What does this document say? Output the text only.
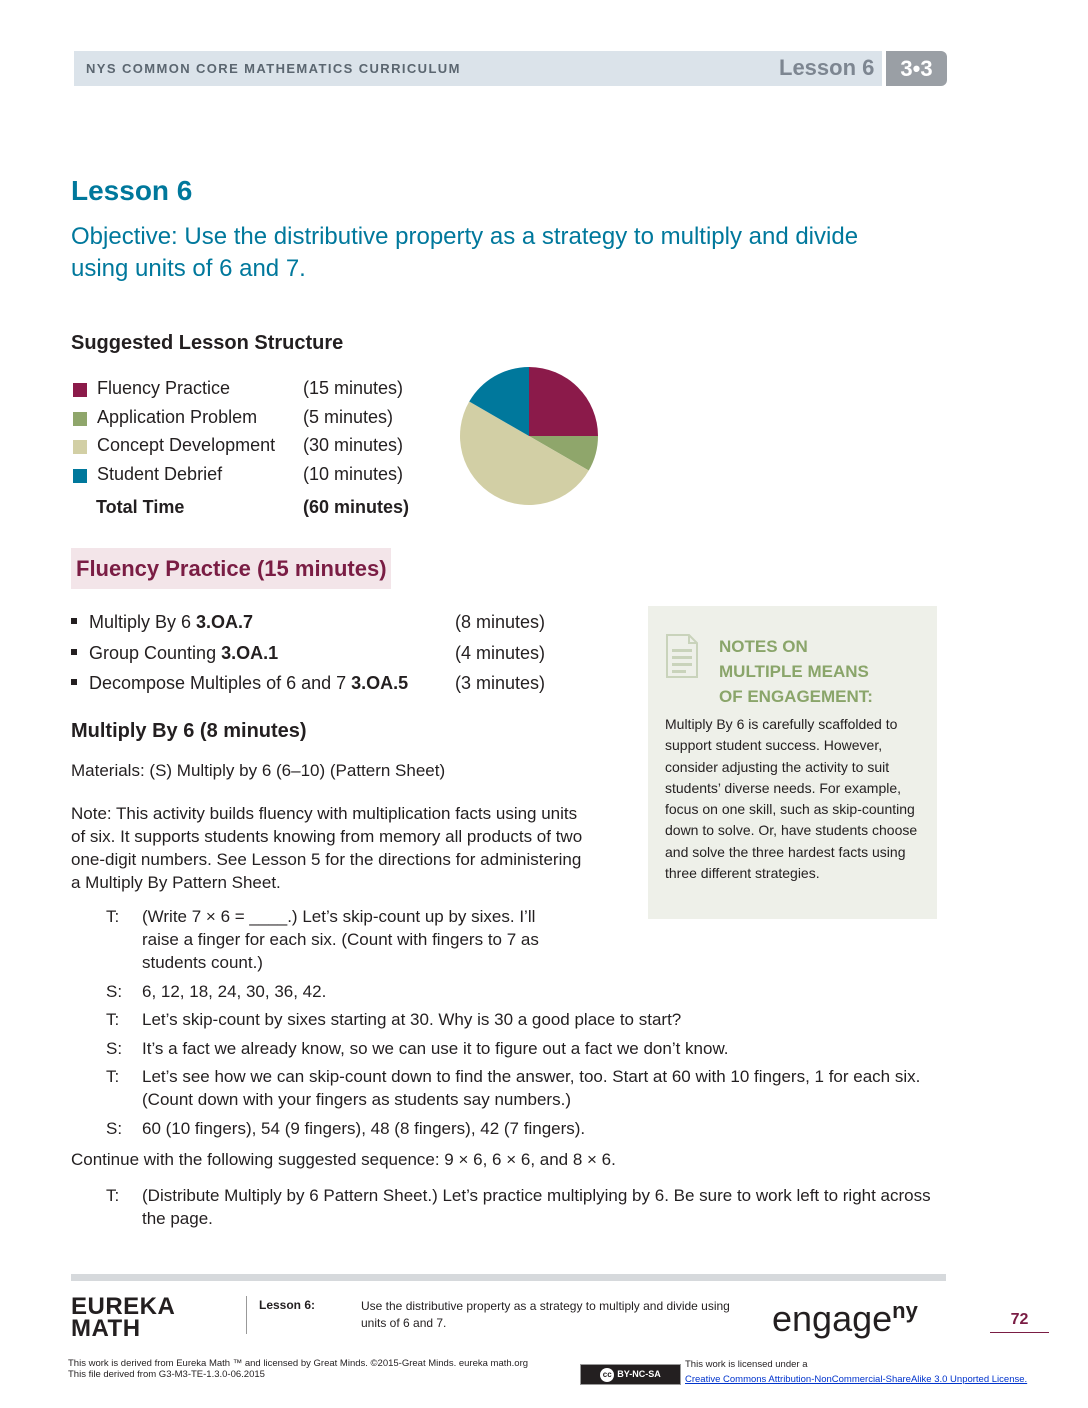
NYS COMMON CORE MATHEMATICS CURRICULUM	Lesson 6	3•3
Lesson 6
Objective: Use the distributive property as a strategy to multiply and divide using units of 6 and 7.
Suggested Lesson Structure
Fluency Practice	(15 minutes)
Application Problem	(5 minutes)
Concept Development (30 minutes)
Student Debrief	(10 minutes)
Total Time	(60 minutes)
Fluency Practice (15 minutes)
Multiply By 6 3.OA.7	(8 minutes)
Group Counting 3.OA.1	(4 minutes)
Decompose Multiples of 6 and 7 3.OA.5	(3 minutes)
NOTES ON
MULTIPLE MEANS
OF ENGAGEMENT:
Multiply By 6 is carefully scaffolded to support student success. However, consider adjusting the activity to suit students’ diverse needs. For example, focus on one skill, such as skip-counting down to solve. Or, have students choose and solve the three hardest facts using three different strategies.
Multiply By 6 (8 minutes)
Materials: (S) Multiply by 6 (6–10) (Pattern Sheet)
Note: This activity builds fluency with multiplication facts using units of six. It supports students knowing from memory all products of two one-digit numbers. See Lesson 5 for the directions for administering a Multiply By Pattern Sheet.
T:	(Write 7 × 6 = ____.) Let’s skip-count up by sixes. I’ll raise a finger for each six. (Count with fingers to 7 as students count.)
S:	6, 12, 18, 24, 30, 36, 42.
T:	Let’s skip-count by sixes starting at 30. Why is 30 a good place to start?
S:	It’s a fact we already know, so we can use it to figure out a fact we don’t know.
T:	Let’s see how we can skip-count down to find the answer, too. Start at 60 with 10 fingers, 1 for each six. (Count down with your fingers as students say numbers.)
S:	60 (10 fingers), 54 (9 fingers), 48 (8 fingers), 42 (7 fingers).
Continue with the following suggested sequence: 9 × 6, 6 × 6, and 8 × 6.
T:	(Distribute Multiply by 6 Pattern Sheet.) Let’s practice multiplying by 6. Be sure to work left to right across the page.
EUREKA
MATH
Lesson 6:	Use the distributive property as a strategy to multiply and divide using units of 6 and 7.	engage$^{ny}$	72
This work is derived from Eureka Math ™ and licensed by Great Minds. ©2015-Great Minds. eureka math.org
This file derived from G3-M3-TE-1.3.0-06.2015	cc BY-NC-SA
This work is licensed under a
Creative Commons Attribution-NonCommercial-ShareAlike 3.0 Unported License.
